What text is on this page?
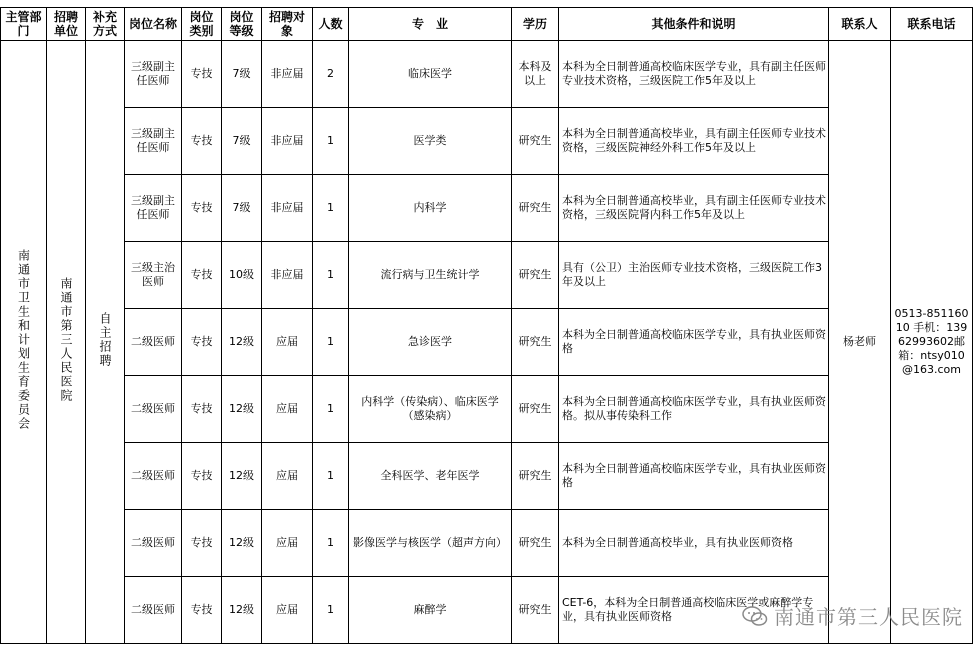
主管部门	招聘单位	补充方式	岗位名称	岗位类别	岗位等级	招聘对象	人数	专　业	学历	其他条件和说明	联系人	联系电话
南通市卫生和计划生育委员会	南通市第三人民医院	自主招聘	三级副主任医师	专技	7级	非应届	2	临床医学	本科及以上	本科为全日制普通高校临床医学专业，具有副主任医师专业技术资格，三级医院工作5年及以上	杨老师	0513-85116010 手机：13962993602邮箱：ntsy010@163.com
			三级副主任医师	专技	7级	非应届	1	医学类	研究生	本科为全日制普通高校毕业，具有副主任医师专业技术资格，三级医院神经外科工作5年及以上		
			三级副主任医师	专技	7级	非应届	1	内科学	研究生	本科为全日制普通高校毕业，具有副主任医师专业技术资格，三级医院肾内科工作5年及以上		
			三级主治医师	专技	10级	非应届	1	流行病与卫生统计学	研究生	具有（公卫）主治医师专业技术资格，三级医院工作3年及以上		
			二级医师	专技	12级	应届	1	急诊医学	研究生	本科为全日制普通高校临床医学专业，具有执业医师资格		
			二级医师	专技	12级	应届	1	内科学（传染病）、临床医学（感染病）	研究生	本科为全日制普通高校临床医学专业，具有执业医师资格。拟从事传染科工作		
			二级医师	专技	12级	应届	1	全科医学、老年医学	研究生	本科为全日制普通高校临床医学专业，具有执业医师资格		
			二级医师	专技	12级	应届	1	影像医学与核医学（超声方向）	研究生	本科为全日制普通高校毕业，具有执业医师资格		
			二级医师	专技	12级	应届	1	麻醉学	研究生	CET-6，本科为全日制普通高校临床医学或麻醉学专业，具有执业医师资格			南通市第三人民医院
